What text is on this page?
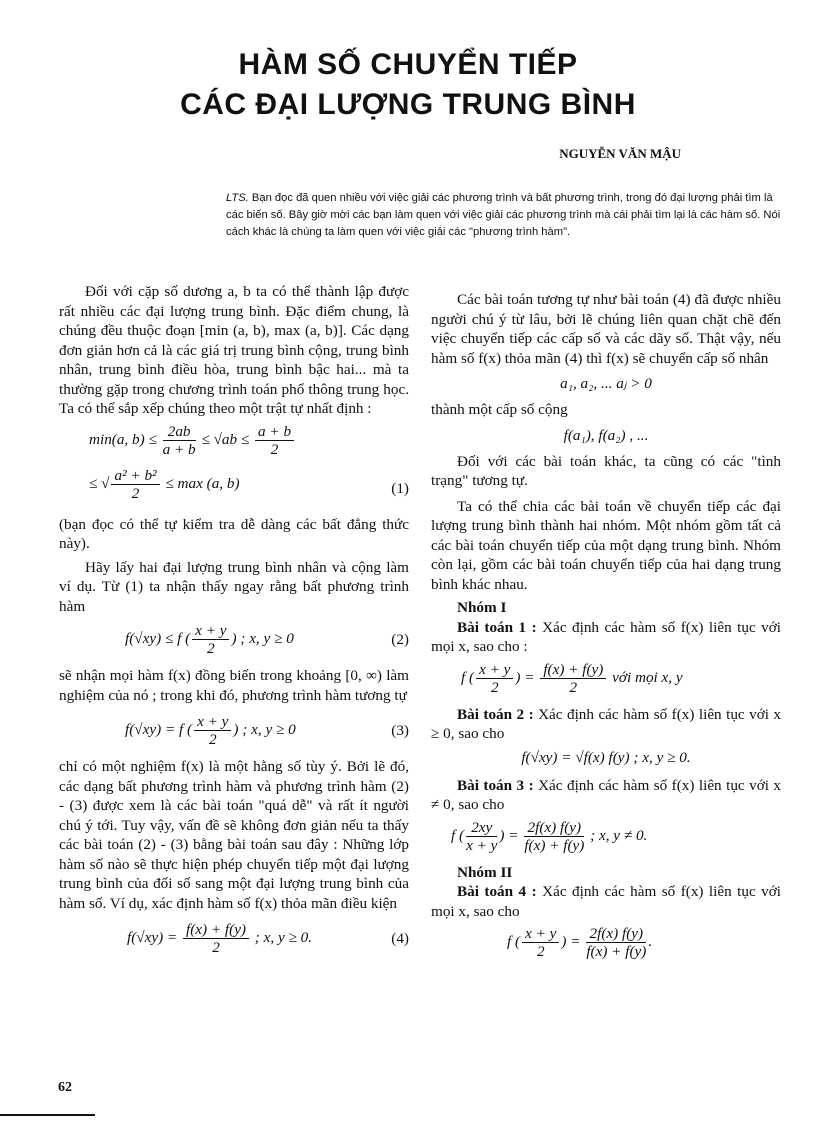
HÀM SỐ CHUYỂN TIẾP
CÁC ĐẠI LƯỢNG TRUNG BÌNH
NGUYỄN VĂN MẬU
LTS. Bạn đọc đã quen nhiều với việc giải các phương trình và bất phương trình, trong đó đại lượng phải tìm là các biến số. Bây giờ mời các bạn làm quen với việc giải các phương trình mà cái phải tìm lại là các hàm số. Nói cách khác là chúng ta làm quen với việc giải các "phương trình hàm".

Đối với cặp số dương a, b ta có thể thành lập được rất nhiều các đại lượng trung bình. Đặc điểm chung, là chúng đều thuộc đoạn [min (a, b), max (a, b)]. Các dạng đơn giản hơn cả là các giá trị trung bình cộng, trung bình nhân, trung bình điều hòa, trung bình bậc hai... mà ta thường gặp trong chương trình toán phổ thông trung học. Ta có thể sắp xếp chúng theo một trật tự nhất định :

min(a, $b) \le \frac{2ab}{a + b} \le √ab \le \frac{a + b}{2}$
≤ √ $\frac{\text{a² + b²}}{2} \le \max (a$, b)	(1)

(bạn đọc có thể tự kiểm tra dễ dàng các bất đẳng thức này).

Hãy lấy hai đại lượng trung bình nhân và cộng làm ví dụ. Từ (1) ta nhận thấy ngay rằng bất phương trình hàm

f(√xy) ≤ f ( $\frac{x + y}{2}$ ) ; x, y ≥ 0	(2)

sẽ nhận mọi hàm f(x) đồng biến trong khoảng [0, ∞) làm nghiệm của nó ; trong khi đó, phương trình hàm tương tự

f(√xy) = f ( $\frac{x + y}{2}$ ) ; x, y ≥ 0	(3)

chỉ có một nghiệm f(x) là một hằng số tùy ý. Bởi lẽ đó, các dạng bất phương trình hàm và phương trình hàm (2) - (3) được xem là các bài toán "quá dễ" và rất ít người chú ý tới. Tuy vậy, vấn đề sẽ không đơn giản nếu ta thấy các bài toán (2) - (3) bằng bài toán sau đây : Những lớp hàm số nào sẽ thực hiện phép chuyển tiếp một đại lượng trung bình của đối số sang một đại lượng trung bình của hàm số. Ví dụ, xác định hàm số f(x) thỏa mãn điều kiện

$f(√xy) = \frac{f(x) + f(y)}{2}$ ; x, y ≥ 0.	(4)

Các bài toán tương tự như bài toán (4) đã được nhiều người chú ý từ lâu, bởi lẽ chúng liên quan chặt chẽ đến việc chuyển tiếp các cấp số và các dãy số. Thật vậy, nếu hàm số f(x) thỏa mãn (4) thì f(x) sẽ chuyển cấp số nhân

a₁, a₂, ... aⱼ > 0

thành một cấp số cộng

f(a₁), f(a₂) , ...

Đối với các bài toán khác, ta cũng có các "tình trạng" tương tự.

Ta có thể chia các bài toán về chuyển tiếp các đại lượng trung bình thành hai nhóm. Một nhóm gồm tất cả các bài toán chuyển tiếp của một dạng trung bình. Nhóm còn lại, gồm các bài toán chuyển tiếp của hai dạng trung bình khác nhau.

Nhóm I

Bài toán 1 : Xác định các hàm số f(x) liên tục với mọi x, sao cho :

f ( $\frac{x + y}{2}$ ) = $\frac{f(x) + f(y)}{2}$ với mọi x, y

Bài toán 2 : Xác định các hàm số f(x) liên tục với x ≥ 0, sao cho

f(√xy) = √f(x) f(y) ; x, y ≥ 0.

Bài toán 3 : Xác định các hàm số f(x) liên tục với x ≠ 0, sao cho

f ( $\frac{2xy}{x + y}$ ) = $\frac{2f(x) f(y)}{f(x) + f(y)}$ ; x, y ≠ 0.

Nhóm II

Bài toán 4 : Xác định các hàm số f(x) liên tục với mọi x, sao cho

f ( $\frac{x + y}{2}$ ) = $\frac{2f(x) f(y)}{f(x) + f(y)}$ .
62
